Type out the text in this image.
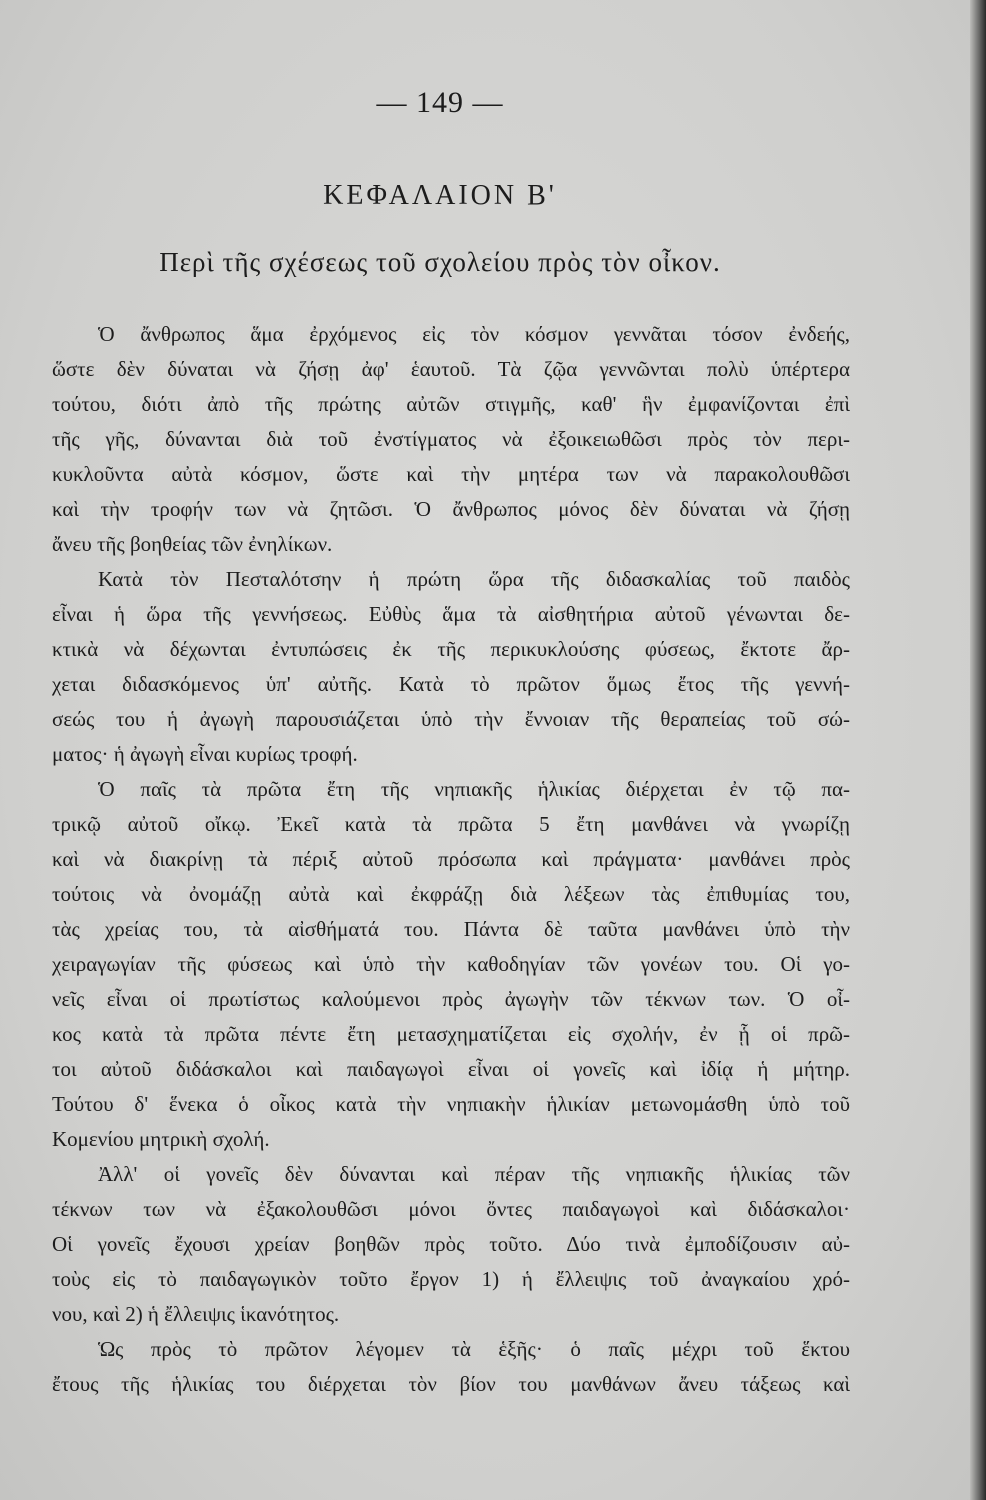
— 149 —
ΚΕΦΑΛΑΙΟΝ Β'
Περὶ τῆς σχέσεως τοῦ σχολείου πρὸς τὸν οἶκον.
Ὁ ἄνθρωπος ἅμα ἐρχόμενος εἰς τὸν κόσμον γεννᾶται τόσον ἐνδεής,
ὥστε δὲν δύναται νὰ ζήσῃ ἀφ' ἑαυτοῦ. Τὰ ζῷα γεννῶνται πολὺ ὑπέρτερα
τούτου, διότι ἀπὸ τῆς πρώτης αὐτῶν στιγμῆς, καθ' ἣν ἐμφανίζονται ἐπὶ
τῆς γῆς, δύνανται διὰ τοῦ ἐνστίγματος νὰ ἐξοικειωθῶσι πρὸς τὸν περι-
κυκλοῦντα αὐτὰ κόσμον, ὥστε καὶ τὴν μητέρα των νὰ παρακολουθῶσι
καὶ τὴν τροφήν των νὰ ζητῶσι. Ὁ ἄνθρωπος μόνος δὲν δύναται νὰ ζήσῃ
ἄνευ τῆς βοηθείας τῶν ἐνηλίκων.
Κατὰ τὸν Πεσταλότσην ἡ πρώτη ὥρα τῆς διδασκαλίας τοῦ παιδὸς
εἶναι ἡ ὥρα τῆς γεννήσεως. Εὐθὺς ἅμα τὰ αἰσθητήρια αὐτοῦ γένωνται δε-
κτικὰ νὰ δέχωνται ἐντυπώσεις ἐκ τῆς περικυκλούσης φύσεως, ἔκτοτε ἄρ-
χεται διδασκόμενος ὑπ' αὐτῆς. Κατὰ τὸ πρῶτον ὅμως ἔτος τῆς γεννή-
σεώς του ἡ ἀγωγὴ παρουσιάζεται ὑπὸ τὴν ἔννοιαν τῆς θεραπείας τοῦ σώ-
ματος· ἡ ἀγωγὴ εἶναι κυρίως τροφή.
Ὁ παῖς τὰ πρῶτα ἔτη τῆς νηπιακῆς ἡλικίας διέρχεται ἐν τῷ πα-
τρικῷ αὐτοῦ οἴκῳ. Ἐκεῖ κατὰ τὰ πρῶτα 5 ἔτη μανθάνει νὰ γνωρίζῃ
καὶ νὰ διακρίνῃ τὰ πέριξ αὐτοῦ πρόσωπα καὶ πράγματα· μανθάνει πρὸς
τούτοις νὰ ὀνομάζῃ αὐτὰ καὶ ἐκφράζῃ διὰ λέξεων τὰς ἐπιθυμίας του,
τὰς χρείας του, τὰ αἰσθήματά του. Πάντα δὲ ταῦτα μανθάνει ὑπὸ τὴν
χειραγωγίαν τῆς φύσεως καὶ ὑπὸ τὴν καθοδηγίαν τῶν γονέων του. Οἱ γο-
νεῖς εἶναι οἱ πρωτίστως καλούμενοι πρὸς ἀγωγὴν τῶν τέκνων των. Ὁ οἶ-
κος κατὰ τὰ πρῶτα πέντε ἔτη μετασχηματίζεται εἰς σχολήν, ἐν ᾗ οἱ πρῶ-
τοι αὐτοῦ διδάσκαλοι καὶ παιδαγωγοὶ εἶναι οἱ γονεῖς καὶ ἰδίᾳ ἡ μήτηρ.
Τούτου δ' ἕνεκα ὁ οἶκος κατὰ τὴν νηπιακὴν ἡλικίαν μετωνομάσθη ὑπὸ τοῦ
Κομενίου μητρικὴ σχολή.
Ἀλλ' οἱ γονεῖς δὲν δύνανται καὶ πέραν τῆς νηπιακῆς ἡλικίας τῶν
τέκνων των νὰ ἐξακολουθῶσι μόνοι ὄντες παιδαγωγοὶ καὶ διδάσκαλοι·
Οἱ γονεῖς ἔχουσι χρείαν βοηθῶν πρὸς τοῦτο. Δύο τινὰ ἐμποδίζουσιν αὐ-
τοὺς εἰς τὸ παιδαγωγικὸν τοῦτο ἔργον 1) ἡ ἔλλειψις τοῦ ἀναγκαίου χρό-
νου, καὶ 2) ἡ ἔλλειψις ἱκανότητος.
Ὡς πρὸς τὸ πρῶτον λέγομεν τὰ ἑξῆς· ὁ παῖς μέχρι τοῦ ἕκτου
ἔτους τῆς ἡλικίας του διέρχεται τὸν βίον του μανθάνων ἄνευ τάξεως καὶ
